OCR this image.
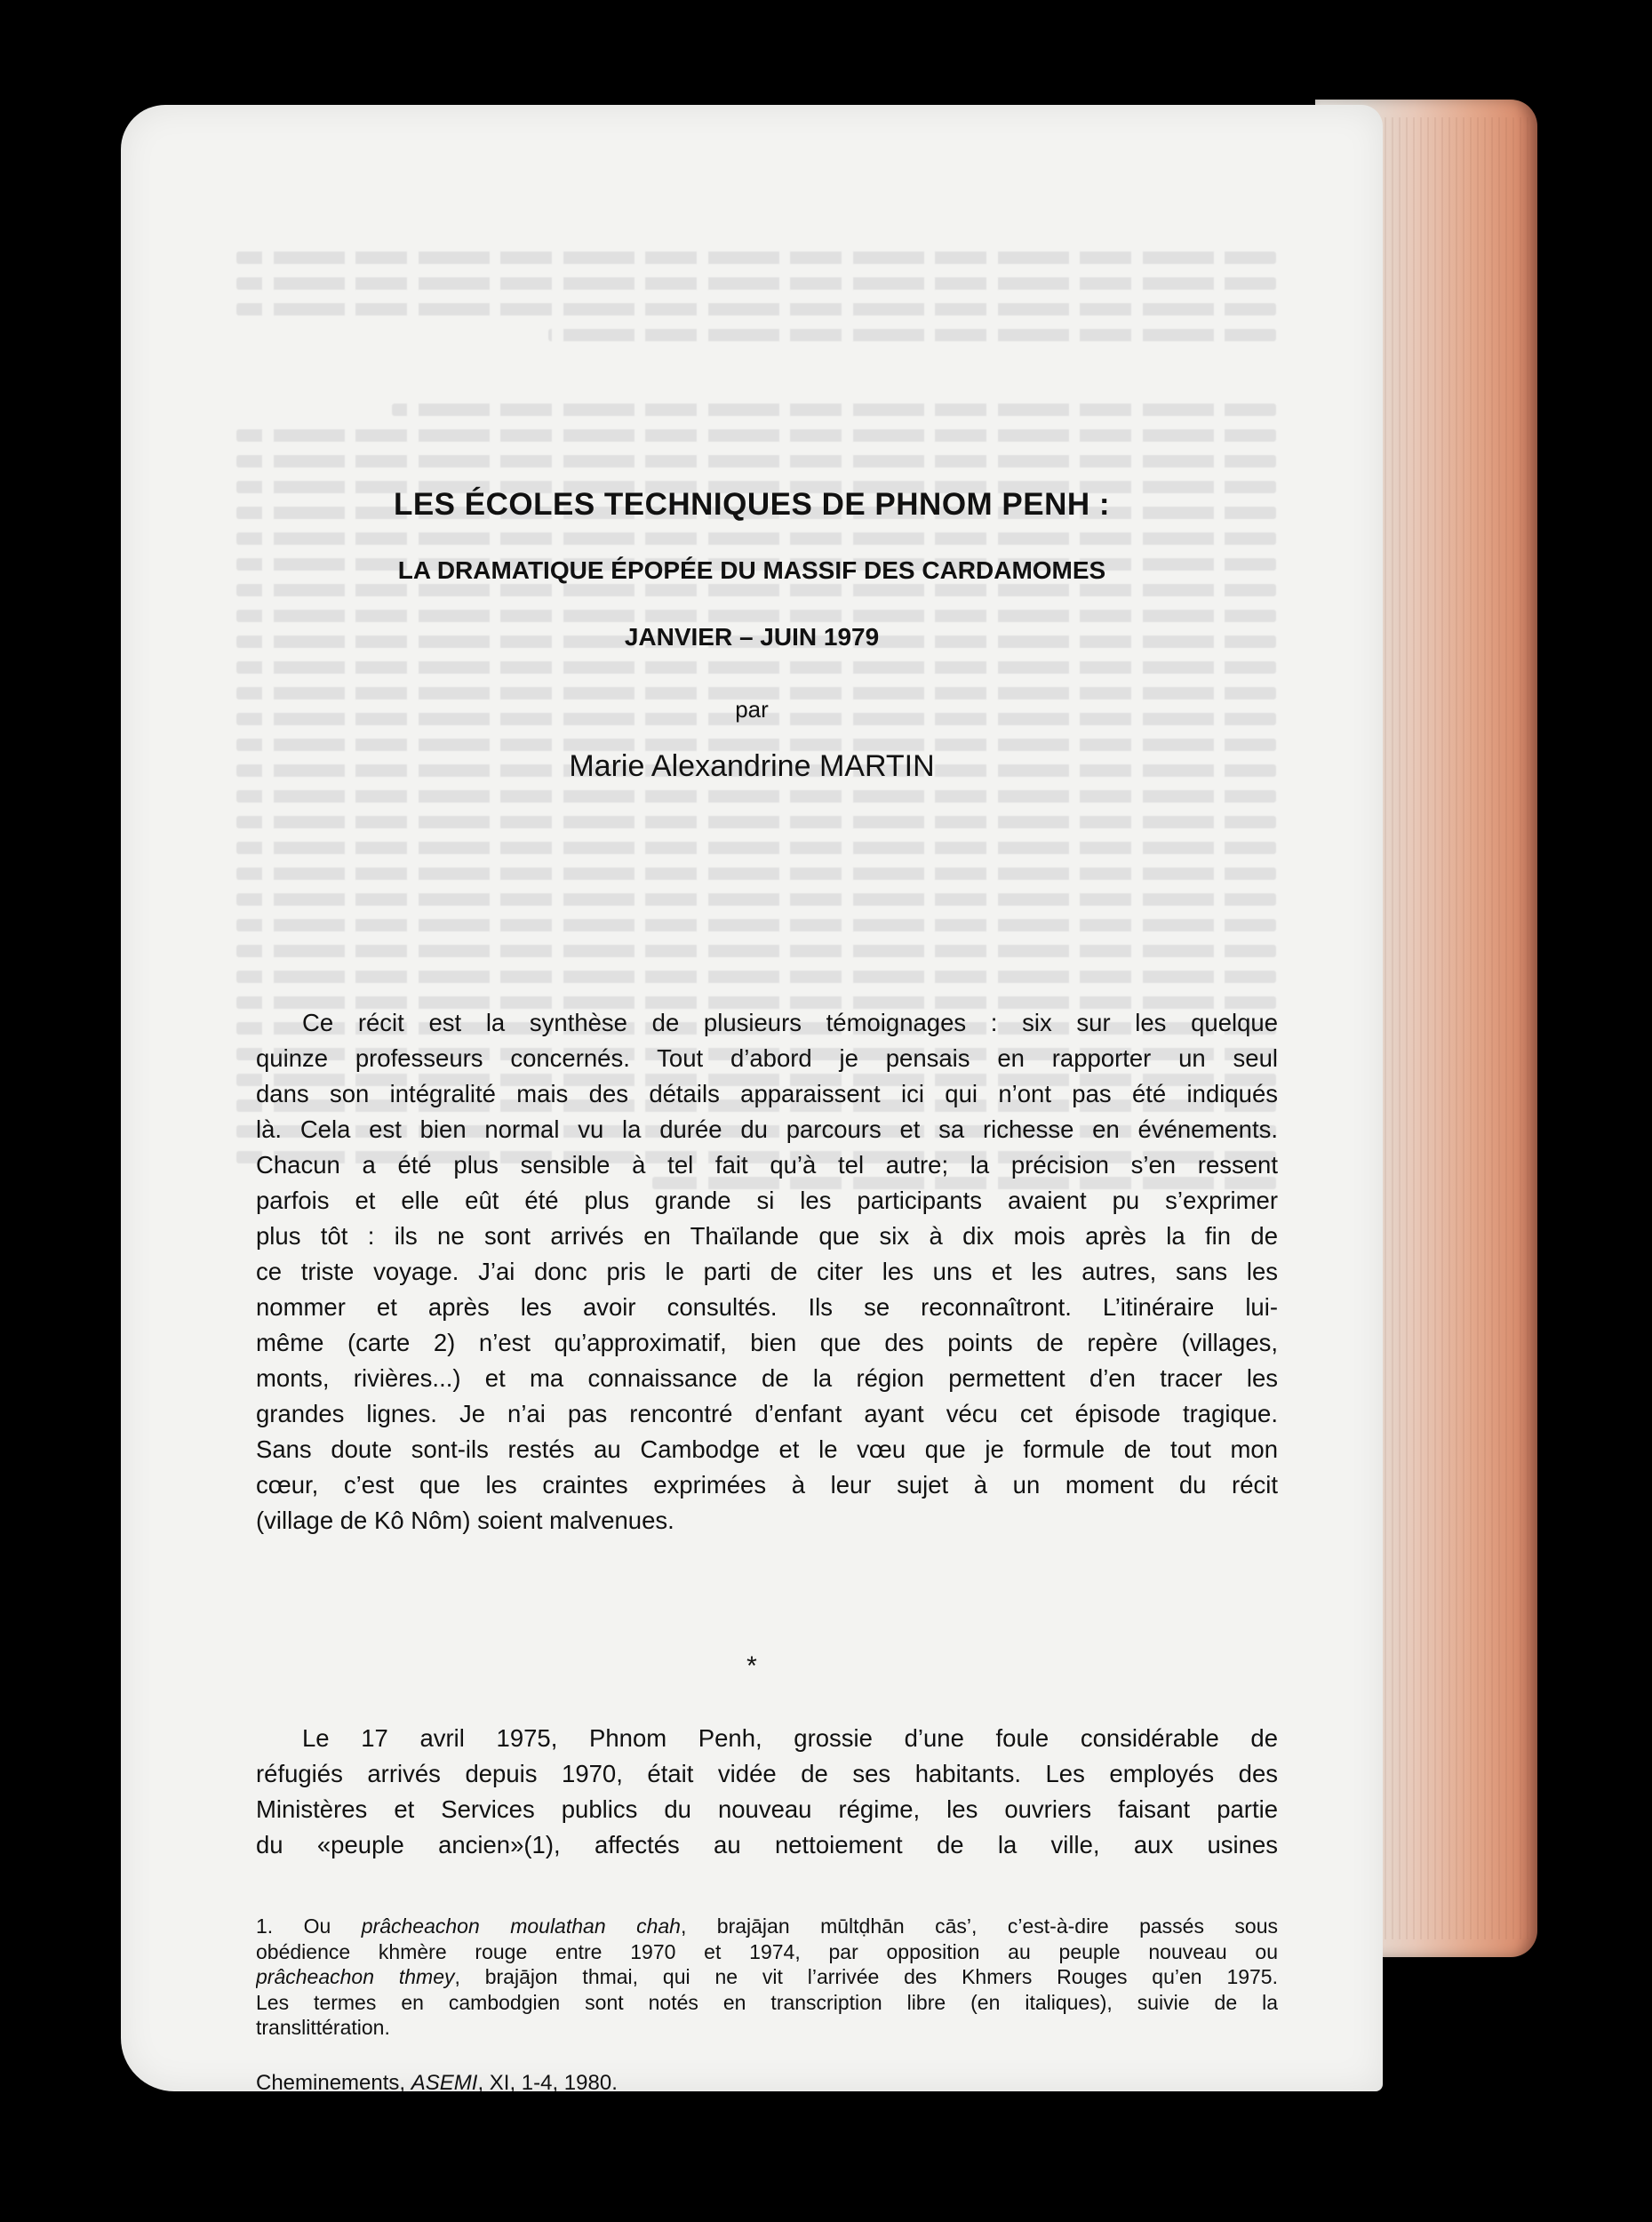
LES ÉCOLES TECHNIQUES DE PHNOM PENH :
LA DRAMATIQUE ÉPOPÉE DU MASSIF DES CARDAMOMES
JANVIER – JUIN 1979
par
Marie Alexandrine MARTIN
Ce récit est la synthèse de plusieurs témoignages : six sur les quelque
quinze professeurs concernés. Tout d’abord je pensais en rapporter un seul
dans son intégralité mais des détails apparaissent ici qui n’ont pas été indiqués
là. Cela est bien normal vu la durée du parcours et sa richesse en événements.
Chacun a été plus sensible à tel fait qu’à tel autre; la précision s’en ressent
parfois et elle eût été plus grande si les participants avaient pu s’exprimer
plus tôt : ils ne sont arrivés en Thaïlande que six à dix mois après la fin de
ce triste voyage. J’ai donc pris le parti de citer les uns et les autres, sans les
nommer et après les avoir consultés. Ils se reconnaîtront. L’itinéraire lui-
même (carte 2) n’est qu’approximatif, bien que des points de repère (villages,
monts, rivières...) et ma connaissance de la région permettent d’en tracer les
grandes lignes. Je n’ai pas rencontré d’enfant ayant vécu cet épisode tragique.
Sans doute sont-ils restés au Cambodge et le vœu que je formule de tout mon
cœur, c’est que les craintes exprimées à leur sujet à un moment du récit
(village de Kô Nôm) soient malvenues.
*
Le 17 avril 1975, Phnom Penh, grossie d’une foule considérable de
réfugiés arrivés depuis 1970, était vidée de ses habitants. Les employés des
Ministères et Services publics du nouveau régime, les ouvriers faisant partie
du «peuple ancien»(1), affectés au nettoiement de la ville, aux usines
1. Ou prâcheachon moulathan chah, brajājan mūltḍhān cās’, c’est-à-dire passés sous
obédience khmère rouge entre 1970 et 1974, par opposition au peuple nouveau ou
prâcheachon thmey, brajājon thmai, qui ne vit l’arrivée des Khmers Rouges qu’en 1975.
Les termes en cambodgien sont notés en transcription libre (en italiques), suivie de la
translittération.
Cheminements, ASEMI, XI, 1-4, 1980.
